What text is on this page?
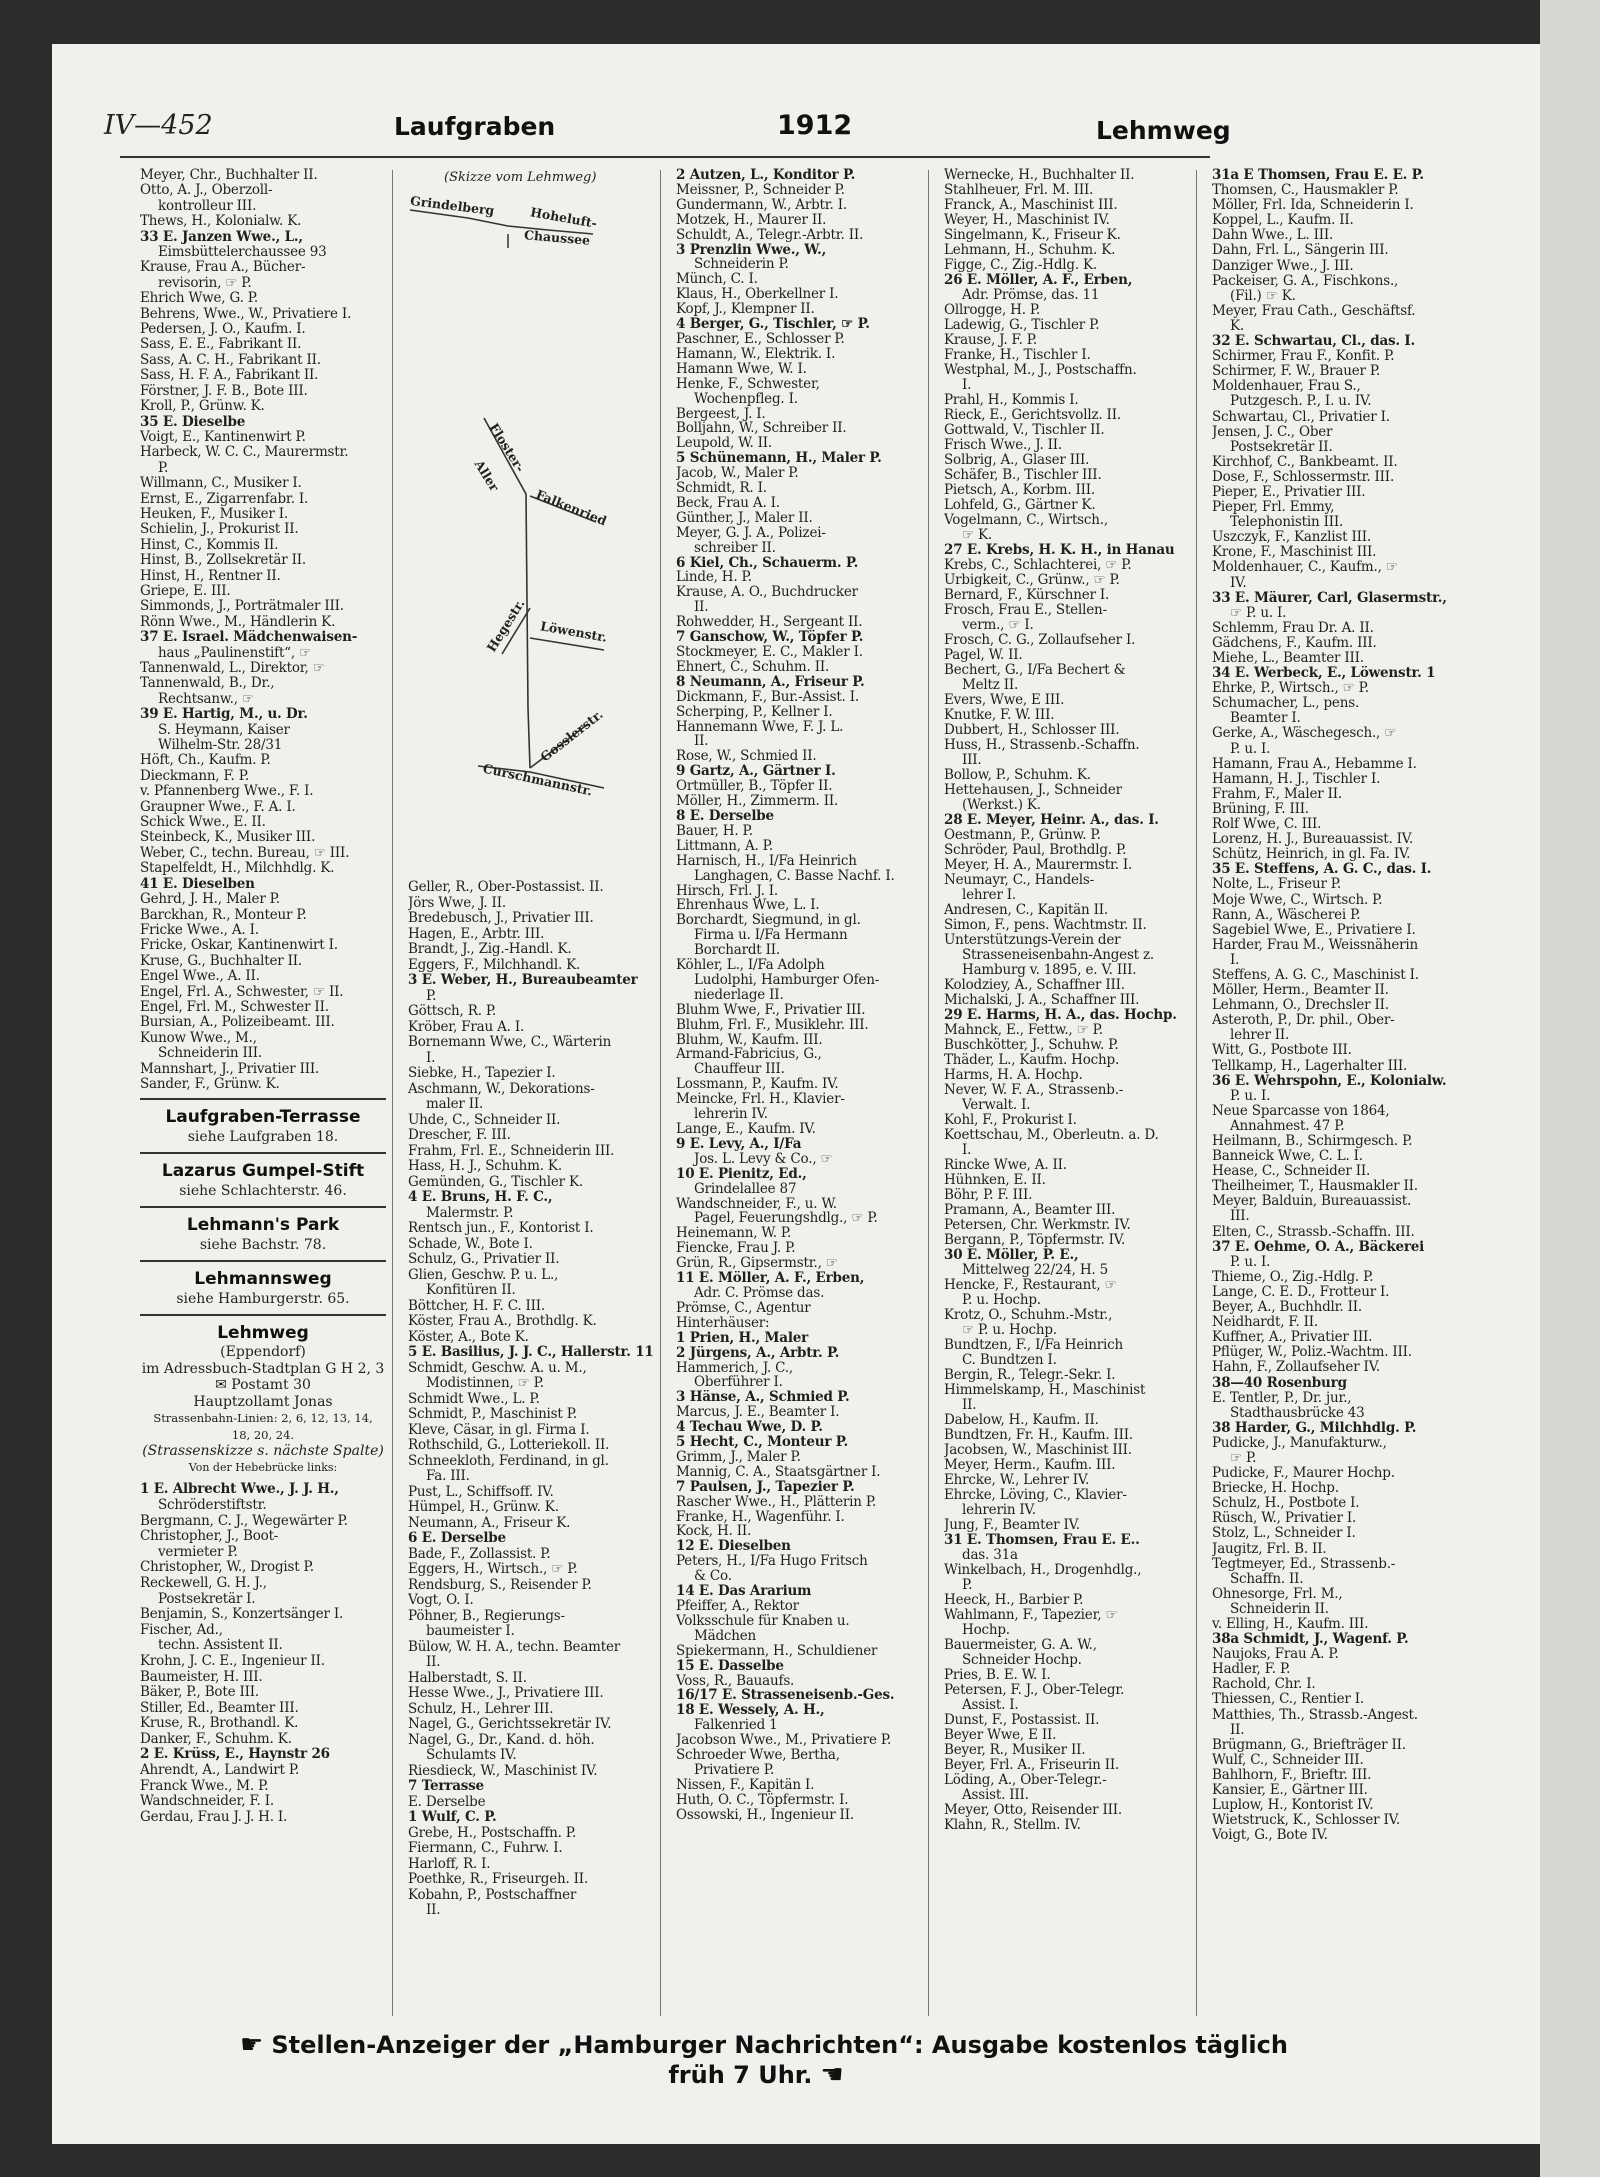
IV—452	Laufgraben	1912	Lehmweg
Meyer, Chr., Buchhalter II.
Otto, A. J., Oberzoll-
kontrolleur III.
Thews, H., Kolonialw. K.
33 E. Janzen Wwe., L.,
Eimsbüttelerchaussee 93
Krause, Frau A., Bücher-
revisorin, ☞ P.
Ehrich Wwe, G. P.
Behrens, Wwe., W., Privatiere I.
Pedersen, J. O., Kaufm. I.
Sass, E. E., Fabrikant II.
Sass, A. C. H., Fabrikant II.
Sass, H. F. A., Fabrikant II.
Förstner, J. F. B., Bote III.
Kroll, P., Grünw. K.
35 E. Dieselbe
Voigt, E., Kantinenwirt P.
Harbeck, W. C. C., Maurermstr.
P.
Willmann, C., Musiker I.
Ernst, E., Zigarrenfabr. I.
Heuken, F., Musiker I.
Schielin, J., Prokurist II.
Hinst, C., Kommis II.
Hinst, B., Zollsekretär II.
Hinst, H., Rentner II.
Griepe, E. III.
Simmonds, J., Porträtmaler III.
Rönn Wwe., M., Händlerin K.
37 E. Israel. Mädchenwaisen-
haus „Paulinenstift“, ☞
Tannenwald, L., Direktor, ☞
Tannenwald, B., Dr.,
Rechtsanw., ☞
39 E. Hartig, M., u. Dr.
S. Heymann, Kaiser
Wilhelm-Str. 28/31
Höft, Ch., Kaufm. P.
Dieckmann, F. P.
v. Pfannenberg Wwe., F. I.
Graupner Wwe., F. A. I.
Schick Wwe., E. II.
Steinbeck, K., Musiker III.
Weber, C., techn. Bureau, ☞ III.
Stapelfeldt, H., Milchhdlg. K.
41 E. Dieselben
Gehrd, J. H., Maler P.
Barckhan, R., Monteur P.
Fricke Wwe., A. I.
Fricke, Oskar, Kantinenwirt I.
Kruse, G., Buchhalter II.
Engel Wwe., A. II.
Engel, Frl. A., Schwester, ☞ II.
Engel, Frl. M., Schwester II.
Bursian, A., Polizeibeamt. III.
Kunow Wwe., M.,
Schneiderin III.
Mannshart, J., Privatier III.
Sander, F., Grünw. K.
Laufgraben-Terrasse
siehe Laufgraben 18.
Lazarus Gumpel-Stift
siehe Schlachterstr. 46.
Lehmann's Park
siehe Bachstr. 78.
Lehmannsweg
siehe Hamburgerstr. 65.
Lehmweg
(Eppendorf)
im Adressbuch-Stadtplan G H 2, 3
✉ Postamt 30
Hauptzollamt Jonas
Strassenbahn-Linien: 2, 6, 12, 13, 14,
18, 20, 24.
(Strassenskizze s. nächste Spalte)
Von der Hebebrücke links:
1 E. Albrecht Wwe., J. J. H.,
Schröderstiftstr.
Bergmann, C. J., Wegewärter P.
Christopher, J., Boot-
vermieter P.
Christopher, W., Drogist P.
Reckewell, G. H. J.,
Postsekretär I.
Benjamin, S., Konzertsänger I.
Fischer, Ad.,
techn. Assistent II.
Krohn, J. C. E., Ingenieur II.
Baumeister, H. III.
Bäker, P., Bote III.
Stiller, Ed., Beamter III.
Kruse, R., Brothandl. K.
Danker, F., Schuhm. K.
2 E. Krüss, E., Haynstr 26
Ahrendt, A., Landwirt P.
Franck Wwe., M. P.
Wandschneider, F. I.
Gerdau, Frau J. J. H. I.
(Skizze vom Lehmweg)
Grindelberg	Hoheluft-
Chaussee
Aller
Floster-
Falkenried
Hegestr. Löwenstr.
Gosslerstr.
Curschmannstr.
Geller, R., Ober-Postassist. II.
Jörs Wwe, J. II.
Bredebusch, J., Privatier III.
Hagen, E., Arbtr. III.
Brandt, J., Zig.-Handl. K.
Eggers, F., Milchhandl. K.
3 E. Weber, H., Bureaubeamter
P.
Göttsch, R. P.
Kröber, Frau A. I.
Bornemann Wwe, C., Wärterin
I.
Siebke, H., Tapezier I.
Aschmann, W., Dekorations-
maler II.
Uhde, C., Schneider II.
Drescher, F. III.
Frahm, Frl. E., Schneiderin III.
Hass, H. J., Schuhm. K.
Gemünden, G., Tischler K.
4 E. Bruns, H. F. C.,
Malermstr. P.
Rentsch jun., F., Kontorist I.
Schade, W., Bote I.
Schulz, G., Privatier II.
Glien, Geschw. P. u. L.,
Konfitüren II.
Böttcher, H. F. C. III.
Köster, Frau A., Brothdlg. K.
Köster, A., Bote K.
5 E. Basilius, J. J. C., Hallerstr. 11
Schmidt, Geschw. A. u. M.,
Modistinnen, ☞ P.
Schmidt Wwe., L. P.
Schmidt, P., Maschinist P.
Kleve, Cäsar, in gl. Firma I.
Rothschild, G., Lotteriekoll. II.
Schneekloth, Ferdinand, in gl.
Fa. III.
Pust, L., Schiffsoff. IV.
Hümpel, H., Grünw. K.
Neumann, A., Friseur K.
6 E. Derselbe
Bade, F., Zollassist. P.
Eggers, H., Wirtsch., ☞ P.
Rendsburg, S., Reisender P.
Vogt, O. I.
Pöhner, B., Regierungs-
baumeister I.
Bülow, W. H. A., techn. Beamter
II.
Halberstadt, S. II.
Hesse Wwe., J., Privatiere III.
Schulz, H., Lehrer III.
Nagel, G., Gerichtssekretär IV.
Nagel, G., Dr., Kand. d. höh.
Schulamts IV.
Riesdieck, W., Maschinist IV.
7 Terrasse
E. Derselbe
1 Wulf, C. P.
Grebe, H., Postschaffn. P.
Fiermann, C., Fuhrw. I.
Harloff, R. I.
Poethke, R., Friseurgeh. II.
Kobahn, P., Postschaffner
II.
2 Autzen, L., Konditor P.
Meissner, P., Schneider P.
Gundermann, W., Arbtr. I.
Motzek, H., Maurer II.
Schuldt, A., Telegr.-Arbtr. II.
3 Prenzlin Wwe., W.,
Schneiderin P.
Münch, C. I.
Klaus, H., Oberkellner I.
Kopf, J., Klempner II.
4 Berger, G., Tischler, ☞ P.
Paschner, E., Schlosser P.
Hamann, W., Elektrik. I.
Hamann Wwe, W. I.
Henke, F., Schwester,
Wochenpfleg. I.
Bergeest, J. I.
Bolljahn, W., Schreiber II.
Leupold, W. II.
5 Schünemann, H., Maler P.
Jacob, W., Maler P.
Schmidt, R. I.
Beck, Frau A. I.
Günther, J., Maler II.
Meyer, G. J. A., Polizei-
schreiber II.
6 Kiel, Ch., Schauerm. P.
Linde, H. P.
Krause, A. O., Buchdrucker
II.
Rohwedder, H., Sergeant II.
7 Ganschow, W., Töpfer P.
Stockmeyer, E. C., Makler I.
Ehnert, C., Schuhm. II.
8 Neumann, A., Friseur P.
Dickmann, F., Bur.-Assist. I.
Scherping, P., Kellner I.
Hannemann Wwe, F. J. L.
II.
Rose, W., Schmied II.
9 Gartz, A., Gärtner I.
Ortmüller, B., Töpfer II.
Möller, H., Zimmerm. II.
8 E. Derselbe
Bauer, H. P.
Littmann, A. P.
Harnisch, H., I/Fa Heinrich
Langhagen, C. Basse Nachf. I.
Hirsch, Frl. J. I.
Ehrenhaus Wwe, L. I.
Borchardt, Siegmund, in gl.
Firma u. I/Fa Hermann
Borchardt II.
Köhler, L., I/Fa Adolph
Ludolphi, Hamburger Ofen-
niederlage II.
Bluhm Wwe, F., Privatier III.
Bluhm, Frl. F., Musiklehr. III.
Bluhm, W., Kaufm. III.
Armand-Fabricius, G.,
Chauffeur III.
Lossmann, P., Kaufm. IV.
Meincke, Frl. H., Klavier-
lehrerin IV.
Lange, E., Kaufm. IV.
9 E. Levy, A., I/Fa
Jos. L. Levy & Co., ☞
10 E. Pienitz, Ed.,
Grindelallee 87
Wandschneider, F., u. W.
Pagel, Feuerungshdlg., ☞ P.
Heinemann, W. P.
Fiencke, Frau J. P.
Grün, R., Gipsermstr., ☞
11 E. Möller, A. F., Erben,
Adr. C. Prömse das.
Prömse, C., Agentur
Hinterhäuser:
1 Prien, H., Maler
2 Jürgens, A., Arbtr. P.
Hammerich, J. C.,
Oberführer I.
3 Hänse, A., Schmied P.
Marcus, J. E., Beamter I.
4 Techau Wwe, D. P.
5 Hecht, C., Monteur P.
Grimm, J., Maler P.
Mannig, C. A., Staatsgärtner I.
7 Paulsen, J., Tapezier P.
Rascher Wwe., H., Plätterin P.
Franke, H., Wagenführ. I.
Kock, H. II.
12 E. Dieselben
Peters, H., I/Fa Hugo Fritsch
& Co.
14 E. Das Ärarium
Pfeiffer, A., Rektor
Volksschule für Knaben u.
Mädchen
Spiekermann, H., Schuldiener
15 E. Dasselbe
Voss, R., Bauaufs.
16/17 E. Strasseneisenb.-Ges.
18 E. Wessely, A. H.,
Falkenried 1
Jacobson Wwe., M., Privatiere P.
Schroeder Wwe, Bertha,
Privatiere P.
Nissen, F., Kapitän I.
Huth, O. C., Töpfermstr. I.
Ossowski, H., Ingenieur II.
Wernecke, H., Buchhalter II.
Stahlheuer, Frl. M. III.
Franck, A., Maschinist III.
Weyer, H., Maschinist IV.
Singelmann, K., Friseur K.
Lehmann, H., Schuhm. K.
Figge, C., Zig.-Hdlg. K.
26 E. Möller, A. F., Erben,
Adr. Prömse, das. 11
Ollrogge, H. P.
Ladewig, G., Tischler P.
Krause, J. F. P.
Franke, H., Tischler I.
Westphal, M., J., Postschaffn.
I.
Prahl, H., Kommis I.
Rieck, E., Gerichtsvollz. II.
Gottwald, V., Tischler II.
Frisch Wwe., J. II.
Solbrig, A., Glaser III.
Schäfer, B., Tischler III.
Pietsch, A., Korbm. III.
Lohfeld, G., Gärtner K.
Vogelmann, C., Wirtsch.,
☞ K.
27 E. Krebs, H. K. H., in Hanau
Krebs, C., Schlachterei, ☞ P.
Urbigkeit, C., Grünw., ☞ P.
Bernard, F., Kürschner I.
Frosch, Frau E., Stellen-
verm., ☞ I.
Frosch, C. G., Zollaufseher I.
Pagel, W. II.
Bechert, G., I/Fa Bechert &
Meltz II.
Evers, Wwe, E III.
Knutke, F. W. III.
Dubbert, H., Schlosser III.
Huss, H., Strassenb.-Schaffn.
III.
Bollow, P., Schuhm. K.
Hettehausen, J., Schneider
(Werkst.) K.
28 E. Meyer, Heinr. A., das. I.
Oestmann, P., Grünw. P.
Schröder, Paul, Brothdlg. P.
Meyer, H. A., Maurermstr. I.
Neumayr, C., Handels-
lehrer I.
Andresen, C., Kapitän II.
Simon, F., pens. Wachtmstr. II.
Unterstützungs-Verein der
Strasseneisenbahn-Angest z.
Hamburg v. 1895, e. V. III.
Kolodziey, A., Schaffner III.
Michalski, J. A., Schaffner III.
29 E. Harms, H. A., das. Hochp.
Mahnck, E., Fettw., ☞ P.
Buschkötter, J., Schuhw. P.
Thäder, L., Kaufm. Hochp.
Harms, H. A. Hochp.
Never, W. F. A., Strassenb.-
Verwalt. I.
Kohl, F., Prokurist I.
Koettschau, M., Oberleutn. a. D.
I.
Rincke Wwe, A. II.
Hühnken, E. II.
Böhr, P. F. III.
Pramann, A., Beamter III.
Petersen, Chr. Werkmstr. IV.
Bergann, P., Töpfermstr. IV.
30 E. Möller, P. E.,
Mittelweg 22/24, H. 5
Hencke, F., Restaurant, ☞
P. u. Hochp.
Krotz, O., Schuhm.-Mstr.,
☞ P. u. Hochp.
Bundtzen, F., I/Fa Heinrich
C. Bundtzen I.
Bergin, R., Telegr.-Sekr. I.
Himmelskamp, H., Maschinist
II.
Dabelow, H., Kaufm. II.
Bundtzen, Fr. H., Kaufm. III.
Jacobsen, W., Maschinist III.
Meyer, Herm., Kaufm. III.
Ehrcke, W., Lehrer IV.
Ehrcke, Löving, C., Klavier-
lehrerin IV.
Jung, F., Beamter IV.
31 E. Thomsen, Frau E. E..
das. 31a
Winkelbach, H., Drogenhdlg.,
P.
Heeck, H., Barbier P.
Wahlmann, F., Tapezier, ☞
Hochp.
Bauermeister, G. A. W.,
Schneider Hochp.
Pries, B. E. W. I.
Petersen, F. J., Ober-Telegr.
Assist. I.
Dunst, F., Postassist. II.
Beyer Wwe, E II.
Beyer, R., Musiker II.
Beyer, Frl. A., Friseurin II.
Löding, A., Ober-Telegr.-
Assist. III.
Meyer, Otto, Reisender III.
Klahn, R., Stellm. IV.
31a E Thomsen, Frau E. E. P.
Thomsen, C., Hausmakler P.
Möller, Frl. Ida, Schneiderin I.
Koppel, L., Kaufm. II.
Dahn Wwe., L. III.
Dahn, Frl. L., Sängerin III.
Danziger Wwe., J. III.
Packeiser, G. A., Fischkons.,
(Fil.) ☞ K.
Meyer, Frau Cath., Geschäftsf.
K.
32 E. Schwartau, Cl., das. I.
Schirmer, Frau F., Konfit. P.
Schirmer, F. W., Brauer P.
Moldenhauer, Frau S.,
Putzgesch. P., I. u. IV.
Schwartau, Cl., Privatier I.
Jensen, J. C., Ober
Postsekretär II.
Kirchhof, C., Bankbeamt. II.
Dose, F., Schlossermstr. III.
Pieper, E., Privatier III.
Pieper, Frl. Emmy,
Telephonistin III.
Uszczyk, F., Kanzlist III.
Krone, F., Maschinist III.
Moldenhauer, C., Kaufm., ☞
IV.
33 E. Mäurer, Carl, Glasermstr.,
☞ P. u. I.
Schlemm, Frau Dr. A. II.
Gädchens, F., Kaufm. III.
Miehe, L., Beamter III.
34 E. Werbeck, E., Löwenstr. 1
Ehrke, P., Wirtsch., ☞ P.
Schumacher, L., pens.
Beamter I.
Gerke, A., Wäschegesch., ☞
P. u. I.
Hamann, Frau A., Hebamme I.
Hamann, H. J., Tischler I.
Frahm, F., Maler II.
Brüning, F. III.
Rolf Wwe, C. III.
Lorenz, H. J., Bureauassist. IV.
Schütz, Heinrich, in gl. Fa. IV.
35 E. Steffens, A. G. C., das. I.
Nolte, L., Friseur P.
Moje Wwe, C., Wirtsch. P.
Rann, A., Wäscherei P.
Sagebiel Wwe, E., Privatiere I.
Harder, Frau M., Weissnäherin
I.
Steffens, A. G. C., Maschinist I.
Möller, Herm., Beamter II.
Lehmann, O., Drechsler II.
Asteroth, P., Dr. phil., Ober-
lehrer II.
Witt, G., Postbote III.
Tellkamp, H., Lagerhalter III.
36 E. Wehrspohn, E., Kolonialw.
P. u. I.
Neue Sparcasse von 1864,
Annahmest. 47 P.
Heilmann, B., Schirmgesch. P.
Banneick Wwe, C. L. I.
Hease, C., Schneider II.
Theilheimer, T., Hausmakler II.
Meyer, Balduin, Bureauassist.
III.
Elten, C., Strassb.-Schaffn. III.
37 E. Oehme, O. A., Bäckerei
P. u. I.
Thieme, O., Zig.-Hdlg. P.
Lange, C. E. D., Frotteur I.
Beyer, A., Buchhdlr. II.
Neidhardt, F. II.
Kuffner, A., Privatier III.
Pflüger, W., Poliz.-Wachtm. III.
Hahn, F., Zollaufseher IV.
38—40 Rosenburg
E. Tentler, P., Dr. jur.,
Stadthausbrücke 43
38 Harder, G., Milchhdlg. P.
Pudicke, J., Manufakturw.,
☞ P.
Pudicke, F., Maurer Hochp.
Briecke, H. Hochp.
Schulz, H., Postbote I.
Rüsch, W., Privatier I.
Stolz, L., Schneider I.
Jaugitz, Frl. B. II.
Tegtmeyer, Ed., Strassenb.-
Schaffn. II.
Ohnesorge, Frl. M.,
Schneiderin II.
v. Elling, H., Kaufm. III.
38a Schmidt, J., Wagenf. P.
Naujoks, Frau A. P.
Hadler, F. P.
Rachold, Chr. I.
Thiessen, C., Rentier I.
Matthies, Th., Strassb.-Angest.
II.
Brügmann, G., Briefträger II.
Wulf, C., Schneider III.
Bahlhorn, F., Brieftr. III.
Kansier, E., Gärtner III.
Luplow, H., Kontorist IV.
Wietstruck, K., Schlosser IV.
Voigt, G., Bote IV.
☛ Stellen-Anzeiger der „Hamburger Nachrichten“: Ausgabe kostenlos täglich früh 7 Uhr. ☚
